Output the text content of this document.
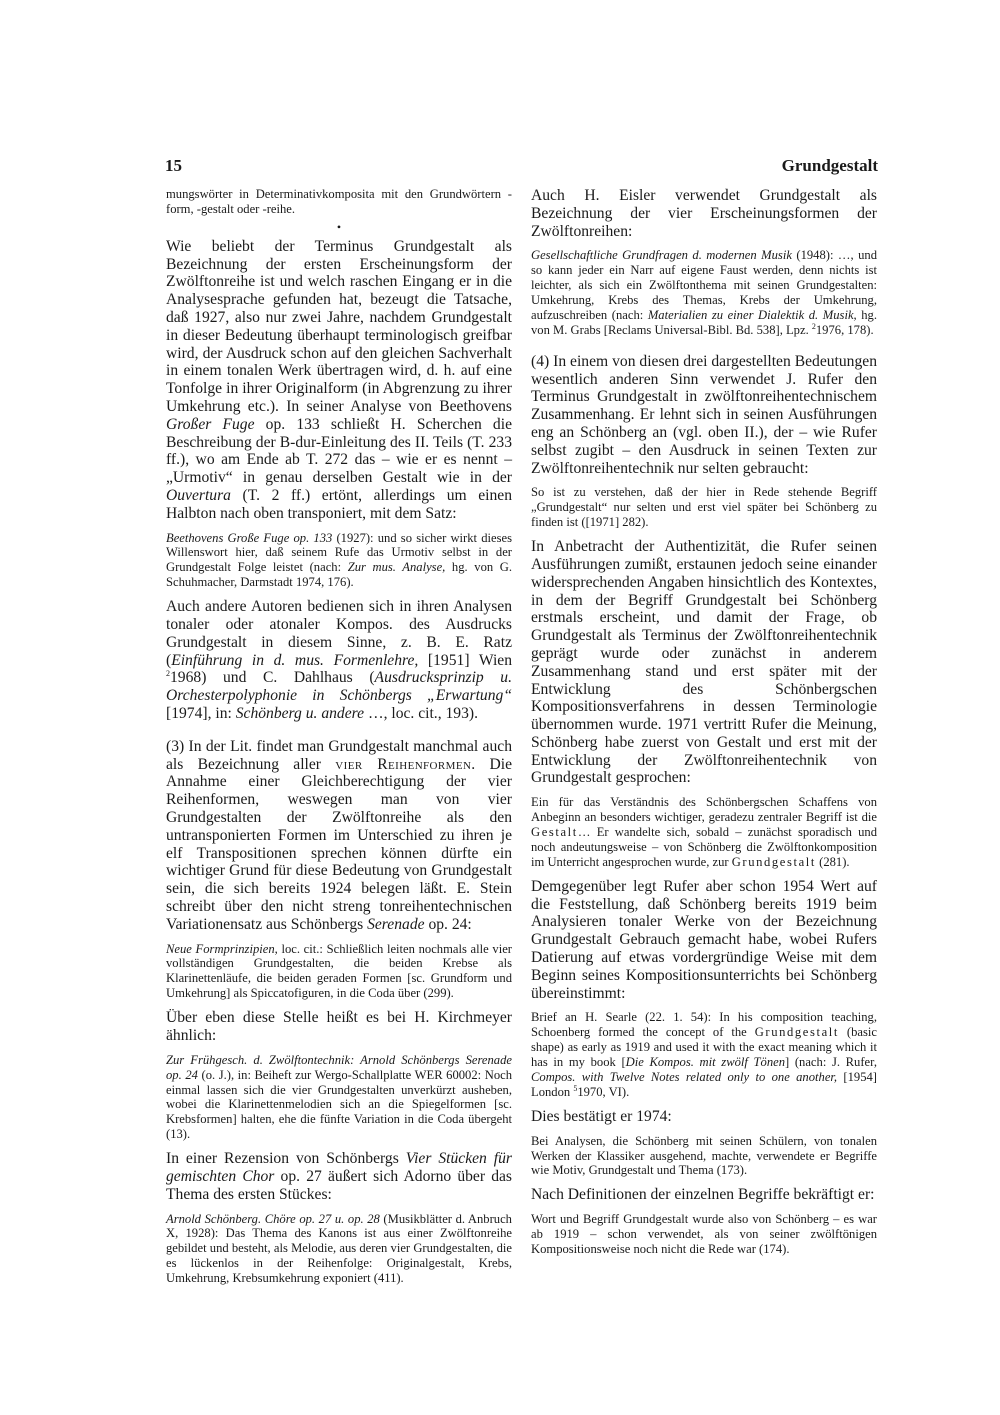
15	Grundgestalt

mungswörter in Determinativkomposita mit den Grundwörtern -form, -gestalt oder -reihe.

•

Wie beliebt der Terminus Grundgestalt als Bezeichnung der ersten Erscheinungsform der Zwölftonreihe ist und welch raschen Eingang er in die Analysesprache gefunden hat, bezeugt die Tatsache, daß 1927, also nur zwei Jahre, nachdem Grundgestalt in dieser Bedeutung überhaupt terminologisch greifbar wird, der Ausdruck schon auf den gleichen Sachverhalt in einem tonalen Werk übertragen wird, d. h. auf eine Tonfolge in ihrer Originalform (in Abgrenzung zu ihrer Umkehrung etc.). In seiner Analyse von Beethovens Großer Fuge op. 133 schließt H. Scherchen die Beschreibung der B-dur-Einleitung des II. Teils (T. 233 ff.), wo am Ende ab T. 272 das – wie er es nennt – „Urmotiv“ in genau derselben Gestalt wie in der Ouvertura (T. 2 ff.) ertönt, allerdings um einen Halbton nach oben transponiert, mit dem Satz:

Beethovens Große Fuge op. 133 (1927): und so sicher wirkt dieses Willenswort hier, daß seinem Rufe das Urmotiv selbst in der Grundgestalt Folge leistet (nach: Zur mus. Analyse, hg. von G. Schuhmacher, Darmstadt 1974, 176).

Auch andere Autoren bedienen sich in ihren Analysen tonaler oder atonaler Kompos. des Ausdrucks Grundgestalt in diesem Sinne, z. B. E. Ratz (Einführung in d. mus. Formenlehre, [1951] Wien $^2$1968) und C. Dahlhaus (Ausdrucksprinzip u. Orchesterpolyphonie in Schönbergs „Erwartung“ [1974], in: Schönberg u. andere …, loc. cit., 193).

(3) In der Lit. findet man Grundgestalt manchmal auch als Bezeichnung aller vier Reihenformen. Die Annahme einer Gleichberechtigung der vier Reihenformen, weswegen man von vier Grundgestalten der Zwölftonreihe als den untransponierten Formen im Unterschied zu ihren je elf Transpositionen sprechen können dürfte ein wichtiger Grund für diese Bedeutung von Grundgestalt sein, die sich bereits 1924 belegen läßt. E. Stein schreibt über den nicht streng tonreihentechnischen Variationensatz aus Schönbergs Serenade op. 24:

Neue Formprinzipien, loc. cit.: Schließlich leiten nochmals alle vier vollständigen Grundgestalten, die beiden Krebse als Klarinettenläufe, die beiden geraden Formen [sc. Grundform und Umkehrung] als Spiccatofiguren, in die Coda über (299).

Über eben diese Stelle heißt es bei H. Kirchmeyer ähnlich:

Zur Frühgesch. d. Zwölftontechnik: Arnold Schönbergs Serenade op. 24 (o. J.), in: Beiheft zur Wergo-Schallplatte WER 60002: Noch einmal lassen sich die vier Grundgestalten unverkürzt ausheben, wobei die Klarinettenmelodien sich an die Spiegelformen [sc. Krebsformen] halten, ehe die fünfte Variation in die Coda übergeht (13).

In einer Rezension von Schönbergs Vier Stücken für gemischten Chor op. 27 äußert sich Adorno über das Thema des ersten Stückes:

Arnold Schönberg. Chöre op. 27 u. op. 28 (Musikblätter d. Anbruch X, 1928): Das Thema des Kanons ist aus einer Zwölftonreihe gebildet und besteht, als Melodie, aus deren vier Grundgestalten, die es lückenlos in der Reihenfolge: Originalgestalt, Krebs, Umkehrung, Krebsumkehrung exponiert (411).

Auch H. Eisler verwendet Grundgestalt als Bezeichnung der vier Erscheinungsformen der Zwölftonreihen:

Gesellschaftliche Grundfragen d. modernen Musik (1948): …, und so kann jeder ein Narr auf eigene Faust werden, denn nichts ist leichter, als sich ein Zwölftonthema mit seinen Grundgestalten: Umkehrung, Krebs des Themas, Krebs der Umkehrung, aufzuschreiben (nach: Materialien zu einer Dialektik d. Musik, hg. von M. Grabs [Reclams Universal-Bibl. Bd. 538], Lpz. $^2$1976, 178).

(4) In einem von diesen drei dargestellten Bedeutungen wesentlich anderen Sinn verwendet J. Rufer den Terminus Grundgestalt in zwölftonreihentechnischem Zusammenhang. Er lehnt sich in seinen Ausführungen eng an Schönberg an (vgl. oben II.), der – wie Rufer selbst zugibt – den Ausdruck in seinen Texten zur Zwölftonreihentechnik nur selten gebraucht:

So ist zu verstehen, daß der hier in Rede stehende Begriff „Grundgestalt“ nur selten und erst viel später bei Schönberg zu finden ist ([1971] 282).

In Anbetracht der Authentizität, die Rufer seinen Ausführungen zumißt, erstaunen jedoch seine einander widersprechenden Angaben hinsichtlich des Kontextes, in dem der Begriff Grundgestalt bei Schönberg erstmals erscheint, und damit der Frage, ob Grundgestalt als Terminus der Zwölftonreihentechnik geprägt wurde oder zunächst in anderem Zusammenhang stand und erst später mit der Entwicklung des Schönbergschen Kompositionsverfahrens in dessen Terminologie übernommen wurde. 1971 vertritt Rufer die Meinung, Schönberg habe zuerst von Gestalt und erst mit der Entwicklung der Zwölftonreihentechnik von Grundgestalt gesprochen:

Ein für das Verständnis des Schönbergschen Schaffens von Anbeginn an besonders wichtiger, geradezu zentraler Begriff ist die Gestalt… Er wandelte sich, sobald – zunächst sporadisch und noch andeutungsweise – von Schönberg die Zwölftonkomposition im Unterricht angesprochen wurde, zur Grundgestalt (281).

Demgegenüber legt Rufer aber schon 1954 Wert auf die Feststellung, daß Schönberg bereits 1919 beim Analysieren tonaler Werke von der Bezeichnung Grundgestalt Gebrauch gemacht habe, wobei Rufers Datierung auf etwas vordergründige Weise mit dem Beginn seines Kompositionsunterrichts bei Schönberg übereinstimmt:

Brief an H. Searle (22. 1. 54): In his composition teaching, Schoenberg formed the concept of the Grundgestalt (basic shape) as early as 1919 and used it with the exact meaning which it has in my book [Die Kompos. mit zwölf Tönen] (nach: J. Rufer, Compos. with Twelve Notes related only to one another, [1954] London $^5$1970, VI).

Dies bestätigt er 1974:

Bei Analysen, die Schönberg mit seinen Schülern, von tonalen Werken der Klassiker ausgehend, machte, verwendete er Begriffe wie Motiv, Grundgestalt und Thema (173).

Nach Definitionen der einzelnen Begriffe bekräftigt er:

Wort und Begriff Grundgestalt wurde also von Schönberg – es war ab 1919 – schon verwendet, als von seiner zwölftönigen Kompositionsweise noch nicht die Rede war (174).
